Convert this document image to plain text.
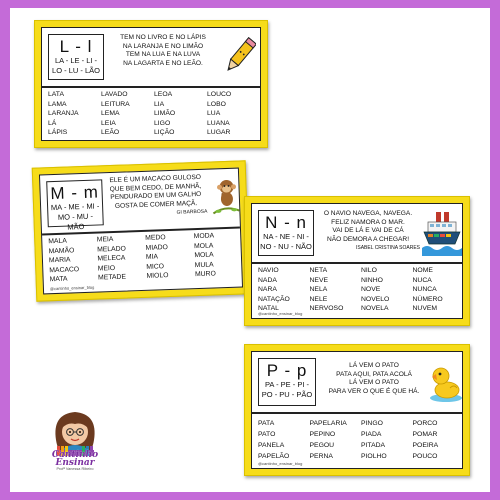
L - l
LA - LE - LI -
LO - LU - LÃO
TEM NO LIVRO E NO LÁPIS
NA LARANJA E NO LIMÃO
TEM NA LUA E NA LUVA
NA LAGARTA E NO LEÃO.
LATA
LAMA
LARANJA
LÁ
LÁPIS
LAVADO
LEITURA
LEMA
LEIA
LEÃO
LEOA
LIA
LIMÃO
LIGO
LIÇÃO
LOUCO
LOBO
LUA
LUANA
LUGAR
M - m
MA - ME - MI -
MO - MU - MÃO
ELE É UM MACACO GULOSO
QUE BEM CEDO, DE MANHÃ,
PENDURADO EM UM GALHO
GOSTA DE COMER MAÇÃ.
GI BARBOSA
MALA
MAMÃO
MARIA
MACACO
MATA
MEIA
MELADO
MELECA
MEIO
METADE
MEDO
MIADO
MIA
MICO
MIOLO
MODA
MOLA
MOLA
MULA
MURO
@cantinho_ensinar_blog
N - n
NA - NE - NI -
NO - NU - NÃO
O NAVIO NAVEGA, NAVEGA.
FELIZ NAMORA O MAR.
VAI DE LÁ E VAI DE CÁ
NÃO DEMORA A CHEGAR!
ISABEL CRISTINA SOARES
NAVIO
NADA
NARA
NATAÇÃO
NATAL
NETA
NEVE
NELA
NELE
NERVOSO
NILO
NINHO
NOVE
NOVELO
NOVELA
NOME
NUCA
NUNCA
NÚMERO
NUVEM
@cantinho_ensinar_blog
P - p
PA - PE - PI -
PO - PU - PÃO
LÁ VEM O PATO
PATA AQUI, PATA ACOLÁ
LÁ VEM O PATO
PARA VER O QUE É QUE HÁ.
PATA
PATO
PANELA
PAPELÃO
PAPELARIA
PEPINO
PEGOU
PERNA
PINGO
PIADA
PITADA
PIOLHO
PORCO
POMAR
POEIRA
POUCO
@cantinho_ensinar_blog
Cantinho
Ensinar
Profª Vanessa Ribeiro
